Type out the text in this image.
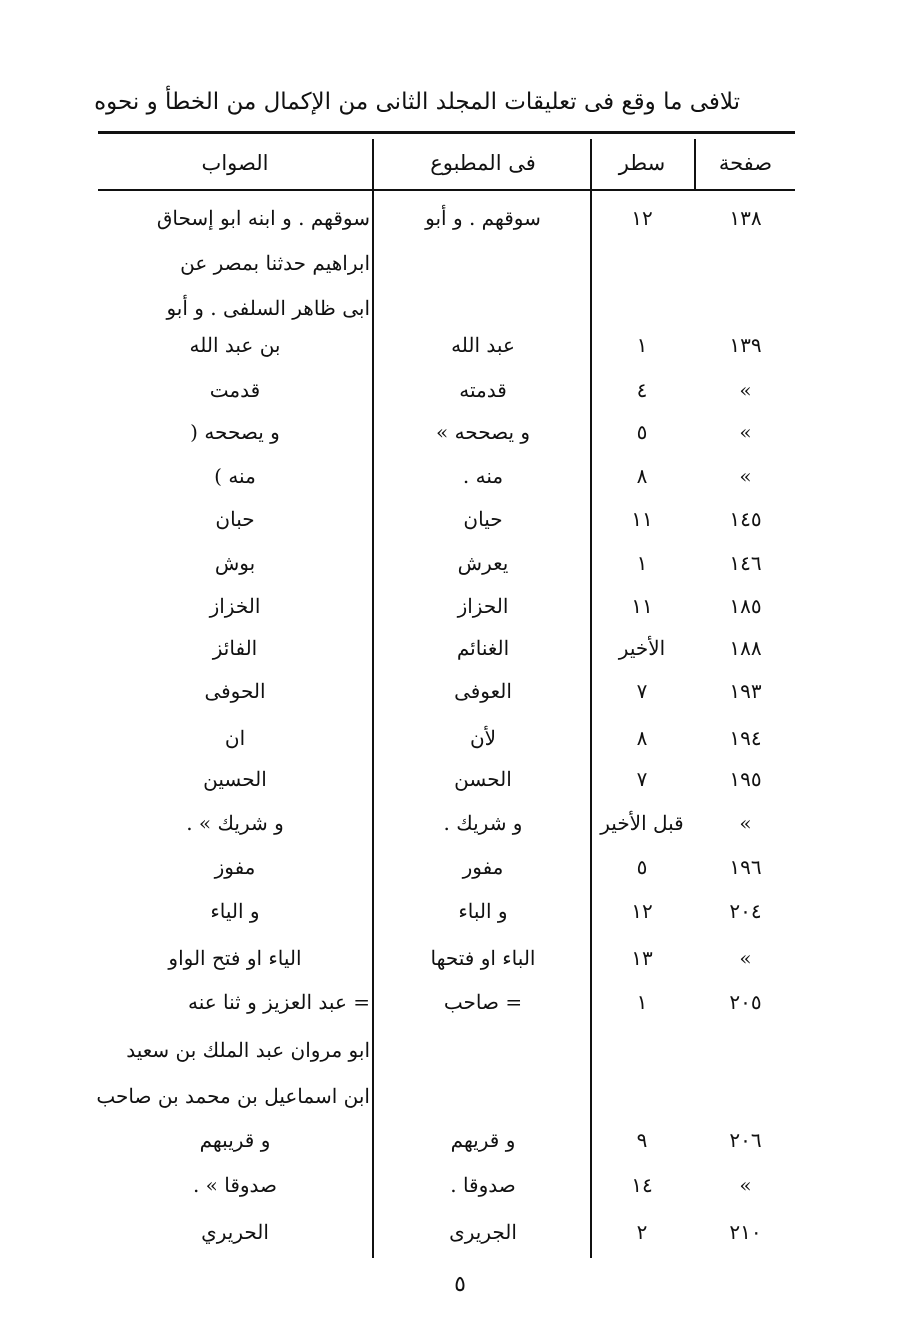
تلافى ما وقع فى تعليقات المجلد الثانى من الإكمال من الخطأ و نحوه
صفحة
سطر
فى المطبوع
الصواب
١٣٨
١٢
سوقهم . و أبو
سوقهم . و ابنه ابو إسحاق
ابراهيم حدثنا بمصر عن
ابى ظاهر السلفى . و أبو
١٣٩
١
عبد الله
بن عبد الله
»
٤
قدمته
قدمت
»
٥
و يصححه »
و يصححه (
»
٨
منه .
منه )
١٤٥
١١
حيان
حبان
١٤٦
١
يعرش
بوش
١٨٥
١١
الحزاز
الخزاز
١٨٨
الأخير
الغنائم
الفائز
١٩٣
٧
العوفى
الحوفى
١٩٤
٨
لأن
ان
١٩٥
٧
الحسن
الحسين
»
قبل الأخير
و شريك .
و شريك » .
١٩٦
٥
مفور
مفوز
٢٠٤
١٢
و الباء
و الياء
»
١٣
الباء او فتحها
الياء او فتح الواو
٢٠٥
١
= صاحب
= عبد العزيز و ثنا عنه
ابو مروان عبد الملك بن سعيد
ابن اسماعيل بن محمد بن صاحب
٢٠٦
٩
و قريهم
و قريبهم
»
١٤
صدوقا .
صدوقا » .
٢١٠
٢
الجريرى
الحريري
٥
